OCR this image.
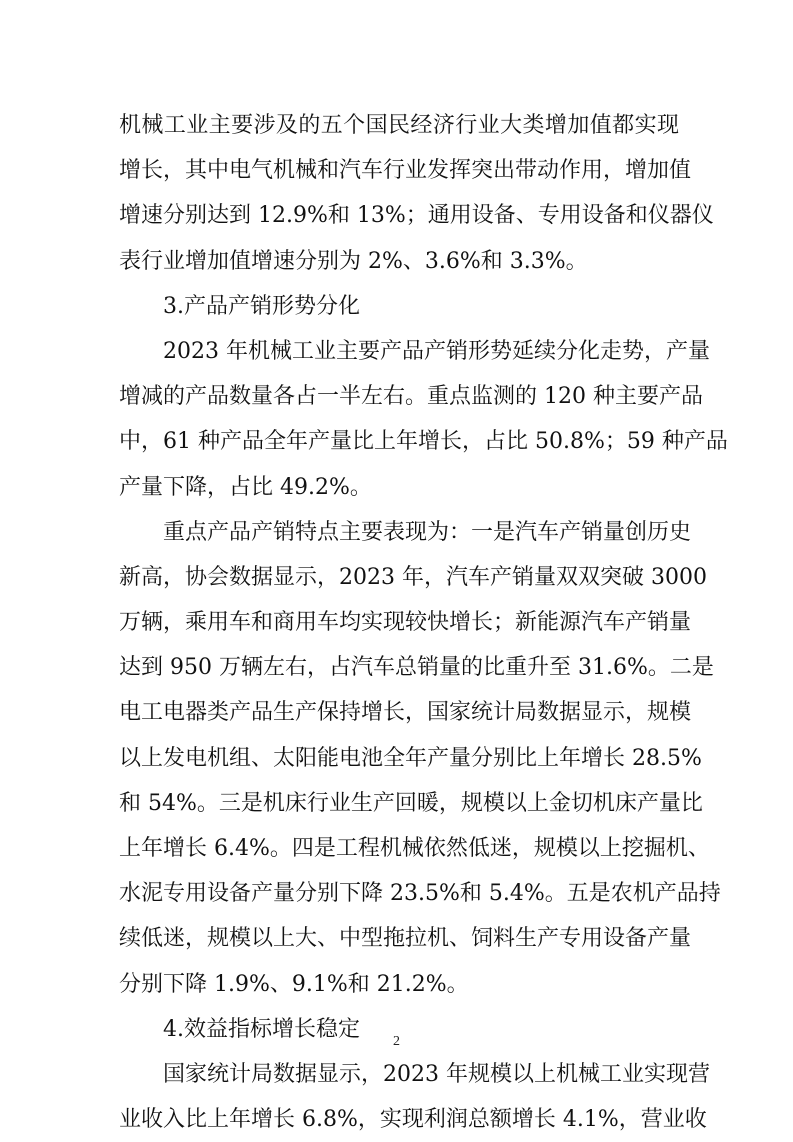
机械工业主要涉及的五个国民经济行业大类增加值都实现
增长，其中电气机械和汽车行业发挥突出带动作用，增加值
增速分别达到 12.9%和 13%；通用设备、专用设备和仪器仪
表行业增加值增速分别为 2%、3.6%和 3.3%。
3.产品产销形势分化
2023 年机械工业主要产品产销形势延续分化走势，产量
增减的产品数量各占一半左右。重点监测的 120 种主要产品
中，61 种产品全年产量比上年增长，占比 50.8%；59 种产品
产量下降，占比 49.2%。
重点产品产销特点主要表现为：一是汽车产销量创历史
新高，协会数据显示，2023 年，汽车产销量双双突破 3000
万辆，乘用车和商用车均实现较快增长；新能源汽车产销量
达到 950 万辆左右，占汽车总销量的比重升至 31.6%。二是
电工电器类产品生产保持增长，国家统计局数据显示，规模
以上发电机组、太阳能电池全年产量分别比上年增长 28.5%
和 54%。三是机床行业生产回暖，规模以上金切机床产量比
上年增长 6.4%。四是工程机械依然低迷，规模以上挖掘机、
水泥专用设备产量分别下降 23.5%和 5.4%。五是农机产品持
续低迷，规模以上大、中型拖拉机、饲料生产专用设备产量
分别下降 1.9%、9.1%和 21.2%。
4.效益指标增长稳定
国家统计局数据显示，2023 年规模以上机械工业实现营
业收入比上年增长 6.8%，实现利润总额增长 4.1%，营业收
2
